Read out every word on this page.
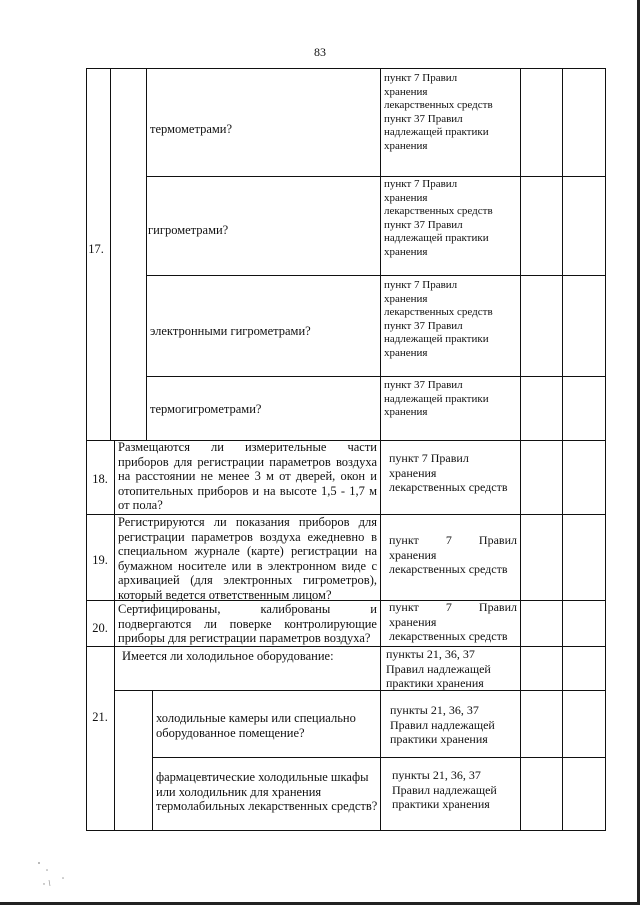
83
17.
термометрами?
пункт 7 Правил
хранения
лекарственных средств
пункт 37 Правил
надлежащей практики
хранения
гигрометрами?
пункт 7 Правил
хранения
лекарственных средств
пункт 37 Правил
надлежащей практики
хранения
электронными гигрометрами?
пункт 7 Правил
хранения
лекарственных средств
пункт 37 Правил
надлежащей практики
хранения
термогигрометрами?
пункт 37 Правил
надлежащей практики
хранения
18.
Размещаются ли измерительные части
приборов для регистрации параметров воздуха
на расстоянии не менее 3 м от дверей, окон и
отопительных приборов и на высоте 1,5 - 1,7 м
от пола?
пункт 7 Правил
хранения
лекарственных средств
19.
Регистрируются ли показания приборов для
регистрации параметров воздуха ежедневно в
специальном журнале (карте) регистрации на
бумажном носителе или в электронном виде с
архивацией (для электронных гигрометров),
который ведется ответственным лицом?
пункт 7 Правил
хранения
лекарственных средств
20.
Сертифицированы, калиброваны и
подвергаются ли поверке контролирующие
приборы для регистрации параметров воздуха?
пункт 7 Правил
хранения
лекарственных средств
21.
Имеется ли холодильное оборудование:	пункты 21, 36, 37
Правил надлежащей
практики хранения
холодильные камеры или специально
оборудованное помещение?
пункты 21, 36, 37
Правил надлежащей
практики хранения
фармацевтические холодильные шкафы
или холодильник для хранения
термолабильных лекарственных средств?
пункты 21, 36, 37
Правил надлежащей
практики хранения
